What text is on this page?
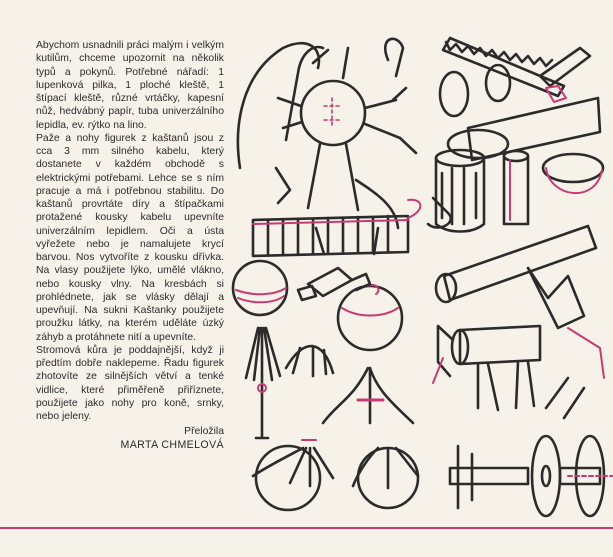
Abychom usnadnili práci malým i velkým kutilům, chceme upozornit na několik typů a pokynů. Potřebné nářadí: 1 lupenková pilka, 1 ploché kleště, 1 štípací kleště, různé vrtáčky, kapesní nůž, hedvábný papír, tuba univerzálního lepidla, ev. rýtko na lino.

Paže a nohy figurek z kaštanů jsou z cca 3 mm silného kabelu, který dostanete v každém obchodě s elektrickými potřebami. Lehce se s ním pracuje a má i potřebnou stabilitu. Do kaštanů provrtáte díry a štípačkami protažené kousky kabelu upevníte univerzálním lepidlem. Oči a ústa vyřežete nebo je namalujete krycí barvou. Nos vytvoříte z kousku dřívka. Na vlasy použijete lýko, umělé vlákno, nebo kousky vlny. Na kresbách si prohlédnete, jak se vlásky dělají a upevňují. Na sukni Kaštanky použijete proužku látky, na kterém uděláte úzký záhyb a protáhnete nití a upevníte.

Stromová kůra je poddajnější, když ji předtím dobře naklepeme. Řadu figurek zhotovíte ze silnějších větví a tenké vidlice, které přiměřeně přiříznete, použijete jako nohy pro koně, srnky, nebo jeleny.

Přeložila
MARTA CHMELOVÁ
